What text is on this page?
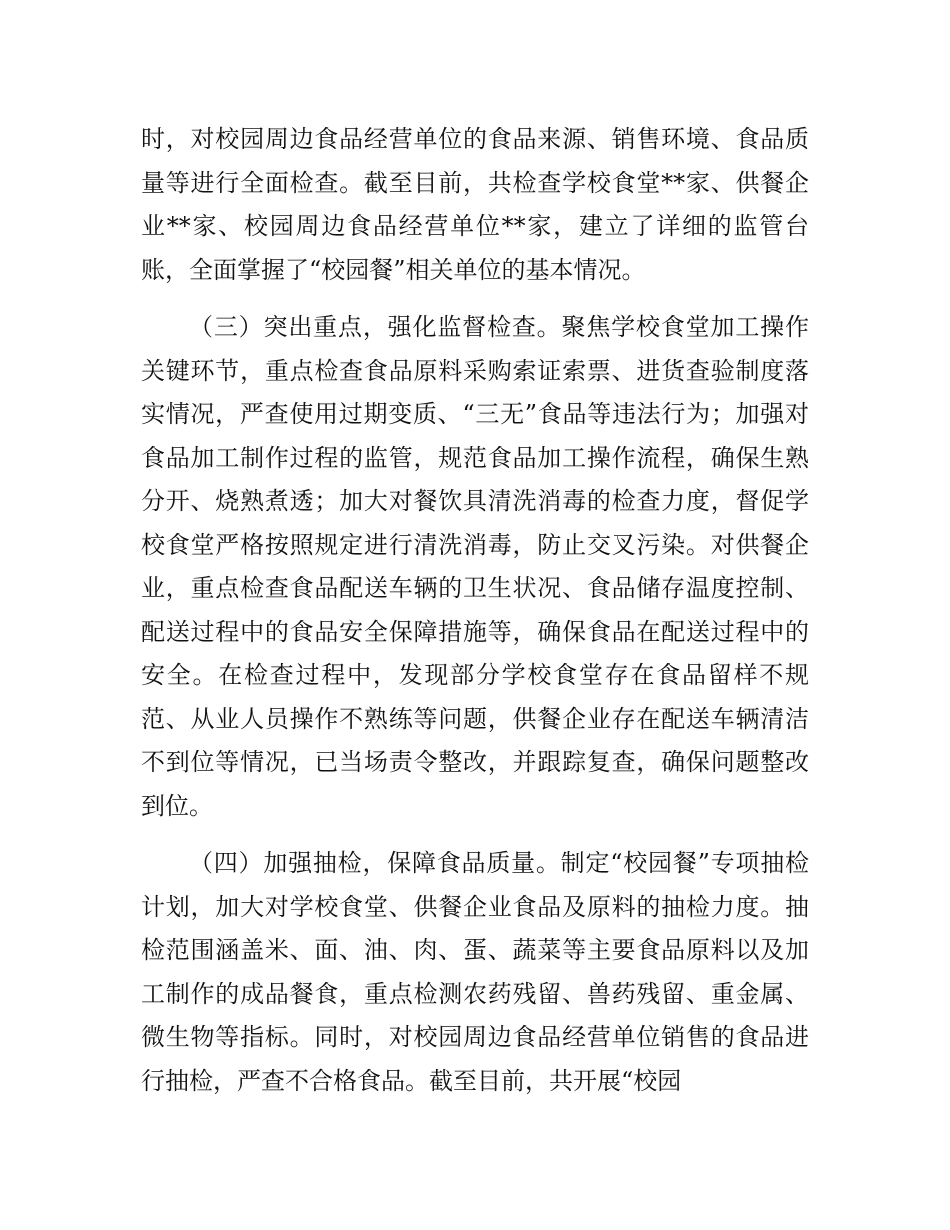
时，对校园周边食品经营单位的食品来源、销售环境、食品质量等进行全面检查。截至目前，共检查学校食堂**家、供餐企业**家、校园周边食品经营单位**家，建立了详细的监管台账，全面掌握了“校园餐”相关单位的基本情况。

（三）突出重点，强化监督检查。聚焦学校食堂加工操作关键环节，重点检查食品原料采购索证索票、进货查验制度落实情况，严查使用过期变质、“三无”食品等违法行为；加强对食品加工制作过程的监管，规范食品加工操作流程，确保生熟分开、烧熟煮透；加大对餐饮具清洗消毒的检查力度，督促学校食堂严格按照规定进行清洗消毒，防止交叉污染。对供餐企业，重点检查食品配送车辆的卫生状况、食品储存温度控制、配送过程中的食品安全保障措施等，确保食品在配送过程中的安全。在检查过程中，发现部分学校食堂存在食品留样不规范、从业人员操作不熟练等问题，供餐企业存在配送车辆清洁不到位等情况，已当场责令整改，并跟踪复查，确保问题整改到位。

（四）加强抽检，保障食品质量。制定“校园餐”专项抽检计划，加大对学校食堂、供餐企业食品及原料的抽检力度。抽检范围涵盖米、面、油、肉、蛋、蔬菜等主要食品原料以及加工制作的成品餐食，重点检测农药残留、兽药残留、重金属、微生物等指标。同时，对校园周边食品经营单位销售的食品进行抽检，严查不合格食品。截至目前，共开展“校园
